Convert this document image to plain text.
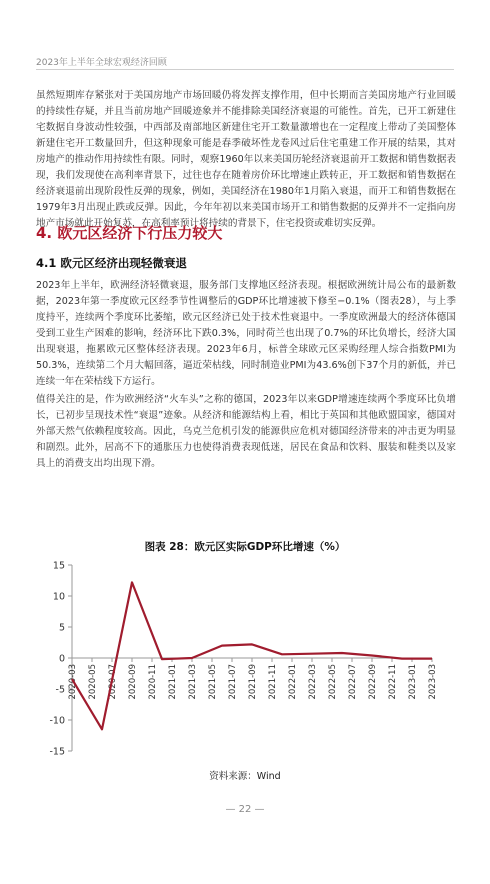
2023年上半年全球宏观经济回顾

虽然短期库存紧张对于美国房地产市场回暖仍将发挥支撑作用，但中长期而言美国房地产行业回暖的持续性存疑，并且当前房地产回暖迹象并不能排除美国经济衰退的可能性。首先，已开工新建住宅数据自身波动性较强，中西部及南部地区新建住宅开工数量激增也在一定程度上带动了美国整体新建住宅开工数量回升，但这种现象可能是春季破坏性龙卷风过后住宅重建工作开展的结果，其对房地产的推动作用持续性有限。同时，观察1960年以来美国历轮经济衰退前开工数据和销售数据表现，我们发现使在高利率背景下，过往也存在随着房价环比增速止跌转正，开工数据和销售数据在经济衰退前出现阶段性反弹的现象，例如，美国经济在1980年1月陷入衰退，而开工和销售数据在1979年3月出现止跌或反弹。因此，今年年初以来美国市场开工和销售数据的反弹并不一定指向房地产市场就此开始复苏，在高利率预计将持续的背景下，住宅投资或难切实反弹。

4. 欧元区经济下行压力较大
4.1 欧元区经济出现轻微衰退

2023年上半年，欧洲经济轻微衰退，服务部门支撑地区经济表现。根据欧洲统计局公布的最新数据，2023年第一季度欧元区经季节性调整后的GDP环比增速被下修至−0.1%（图表28），与上季度持平，连续两个季度环比萎缩，欧元区经济已处于技术性衰退中。一季度欧洲最大的经济体德国受到工业生产困难的影响，经济环比下跌0.3%，同时荷兰也出现了0.7%的环比负增长，经济大国出现衰退，拖累欧元区整体经济表现。2023年6月，标普全球欧元区采购经理人综合指数PMI为50.3%，连续第二个月大幅回落，逼近荣枯线，同时制造业PMI为43.6%创下37个月的新低，并已连续一年在荣枯线下方运行。

值得关注的是，作为欧洲经济“火车头”之称的德国，2023年以来GDP增速连续两个季度环比负增长，已初步呈现技术性“衰退”迹象。从经济和能源结构上看，相比于英国和其他欧盟国家，德国对外部天然气依赖程度较高。因此，乌克兰危机引发的能源供应危机对德国经济带来的冲击更为明显和剧烈。此外，居高不下的通胀压力也使得消费表现低迷，居民在食品和饮料、服装和鞋类以及家具上的消费支出均出现下滑。

图表 28：欧元区实际GDP环比增速（%）
-15
-10
-5
0
5
10
15
2020-03 2020-05 2020-07 2020-09 2020-11 2021-01 2021-03 2021-05 2021-07 2021-09 2021-11 2022-01 2022-03 2022-05 2022-07 2022-09 2022-11 2023-01 2023-03
资料来源：Wind
— 22 —
